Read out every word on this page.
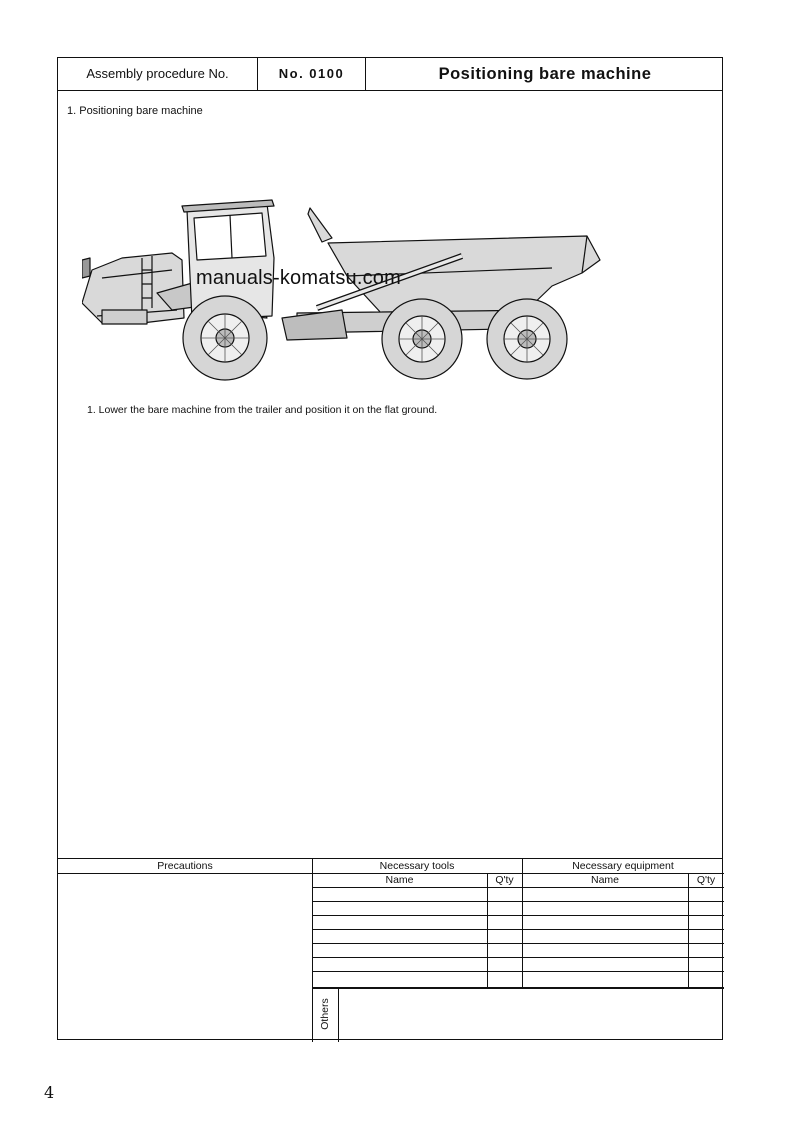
Assembly procedure No.	No. 0100	Positioning bare machine
1. Positioning bare machine
manuals-komatsu.com
1. Lower the bare machine from the trailer and position it on the flat ground.
Precautions	Necessary tools	Necessary equipment
Name	Q'ty	Name	Q'ty
Others
4
